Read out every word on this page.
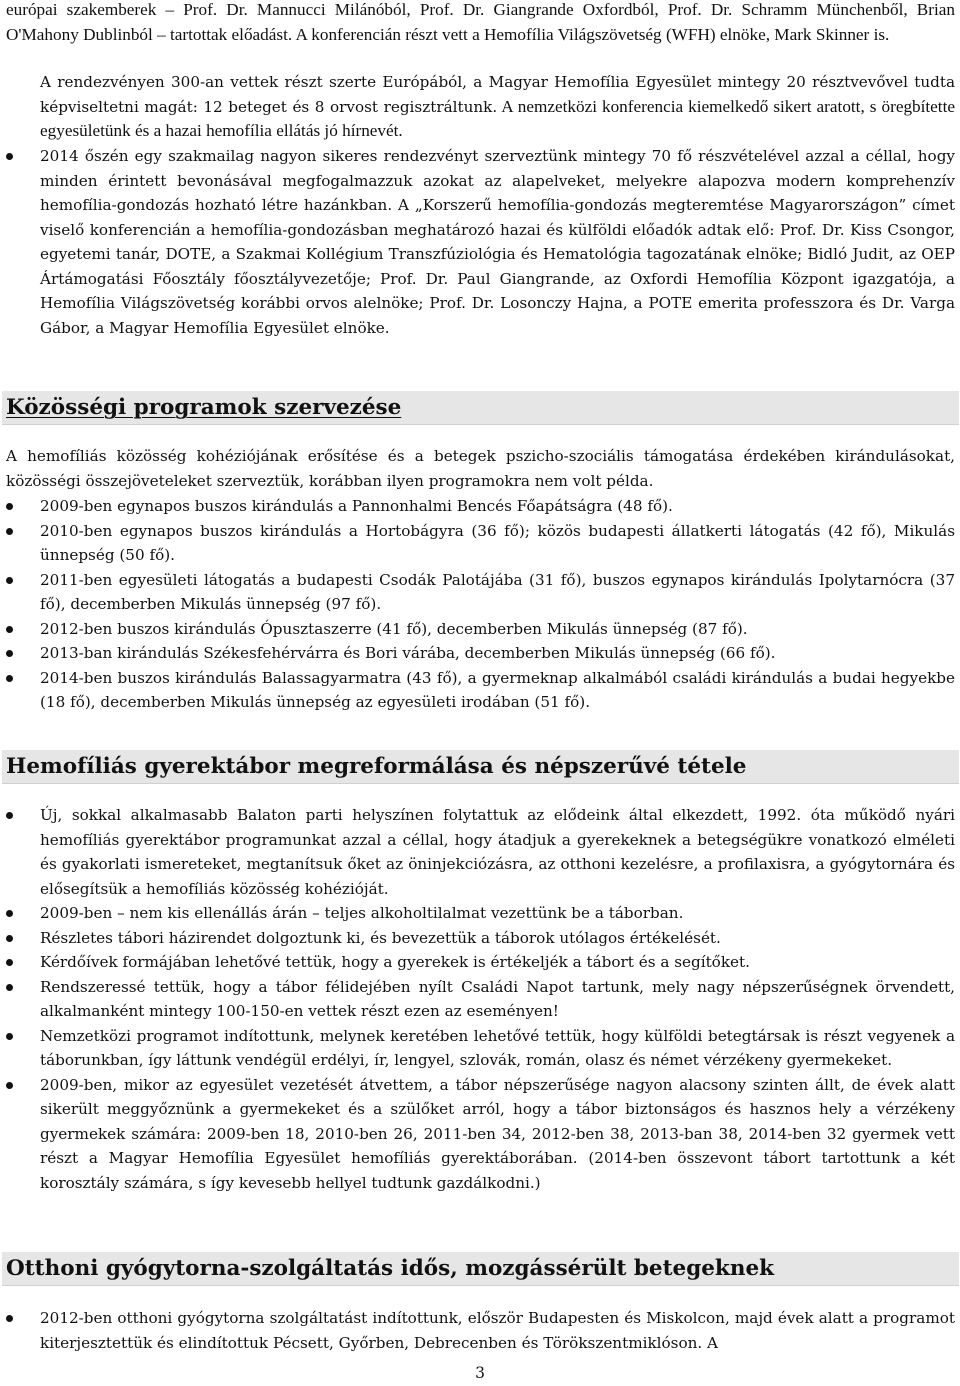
európai szakemberek – Prof. Dr. Mannucci Milánóból, Prof. Dr. Giangrande Oxfordból, Prof. Dr. Schramm Münchenből, Brian O'Mahony Dublinból – tartottak előadást. A konferencián részt vett a Hemofília Világszövetség (WFH) elnöke, Mark Skinner is.
A rendezvényen 300-an vettek részt szerte Európából, a Magyar Hemofília Egyesület mintegy 20 résztvevővel tudta képviseltetni magát: 12 beteget és 8 orvost regisztráltunk. A nemzetközi konferencia kiemelkedő sikert aratott, s öregbítette egyesületünk és a hazai hemofília ellátás jó hírnevét.
2014 őszén egy szakmailag nagyon sikeres rendezvényt szerveztünk mintegy 70 fő részvételével azzal a céllal, hogy minden érintett bevonásával megfogalmazzuk azokat az alapelveket, melyekre alapozva modern komprehenzív hemofília-gondozás hozható létre hazánkban. A „Korszerű hemofília-gondozás megteremtése Magyarországon” címet viselő konferencián a hemofília-gondozásban meghatározó hazai és külföldi előadók adtak elő: Prof. Dr. Kiss Csongor, egyetemi tanár, DOTE, a Szakmai Kollégium Transzfúziológia és Hematológia tagozatának elnöke; Bidló Judit, az OEP Ártámogatási Főosztály főosztályvezetője; Prof. Dr. Paul Giangrande, az Oxfordi Hemofília Központ igazgatója, a Hemofília Világszövetség korábbi orvos alelnöke; Prof. Dr. Losonczy Hajna, a POTE emerita professzora és Dr. Varga Gábor, a Magyar Hemofília Egyesület elnöke.
Közösségi programok szervezése
A hemofíliás közösség kohéziójának erősítése és a betegek pszicho-szociális támogatása érdekében kirándulásokat, közösségi összejöveteleket szerveztük, korábban ilyen programokra nem volt példa.
2009-ben egynapos buszos kirándulás a Pannonhalmi Bencés Főapátságra (48 fő).
2010-ben egynapos buszos kirándulás a Hortobágyra (36 fő); közös budapesti állatkerti látogatás (42 fő), Mikulás ünnepség (50 fő).
2011-ben egyesületi látogatás a budapesti Csodák Palotájába (31 fő), buszos egynapos kirándulás Ipolytarnócra (37 fő), decemberben Mikulás ünnepség (97 fő).
2012-ben buszos kirándulás Ópusztaszerre (41 fő), decemberben Mikulás ünnepség (87 fő).
2013-ban kirándulás Székesfehérvárra és Bori várába, decemberben Mikulás ünnepség (66 fő).
2014-ben buszos kirándulás Balassagyarmatra (43 fő), a gyermeknap alkalmából családi kirándulás a budai hegyekbe (18 fő), decemberben Mikulás ünnepség az egyesületi irodában (51 fő).
Hemofíliás gyerektábor megreformálása és népszerűvé tétele
Új, sokkal alkalmasabb Balaton parti helyszínen folytattuk az elődeink által elkezdett, 1992. óta működő nyári hemofíliás gyerektábor programunkat azzal a céllal, hogy átadjuk a gyerekeknek a betegségükre vonatkozó elméleti és gyakorlati ismereteket, megtanítsuk őket az öninjekciózásra, az otthoni kezelésre, a profilaxisra, a gyógytornára és elősegítsük a hemofíliás közösség kohézióját.
2009-ben – nem kis ellenállás árán – teljes alkoholtilalmat vezettünk be a táborban.
Részletes tábori házirendet dolgoztunk ki, és bevezettük a táborok utólagos értékelését.
Kérdőívek formájában lehetővé tettük, hogy a gyerekek is értékeljék a tábort és a segítőket.
Rendszeressé tettük, hogy a tábor félidejében nyílt Családi Napot tartunk, mely nagy népszerűségnek örvendett, alkalmanként mintegy 100-150-en vettek részt ezen az eseményen!
Nemzetközi programot indítottunk, melynek keretében lehetővé tettük, hogy külföldi betegtársak is részt vegyenek a táborunkban, így láttunk vendégül erdélyi, ír, lengyel, szlovák, román, olasz és német vérzékeny gyermekeket.
2009-ben, mikor az egyesület vezetését átvettem, a tábor népszerűsége nagyon alacsony szinten állt, de évek alatt sikerült meggyőznünk a gyermekeket és a szülőket arról, hogy a tábor biztonságos és hasznos hely a vérzékeny gyermekek számára: 2009-ben 18, 2010-ben 26, 2011-ben 34, 2012-ben 38, 2013-ban 38, 2014-ben 32 gyermek vett részt a Magyar Hemofília Egyesület hemofíliás gyerektáborában. (2014-ben összevont tábort tartottunk a két korosztály számára, s így kevesebb hellyel tudtunk gazdálkodni.)
Otthoni gyógytorna-szolgáltatás idős, mozgássérült betegeknek
2012-ben otthoni gyógytorna szolgáltatást indítottunk, először Budapesten és Miskolcon, majd évek alatt a programot kiterjesztettük és elindítottuk Pécsett, Győrben, Debrecenben és Törökszentmiklóson. A
3
